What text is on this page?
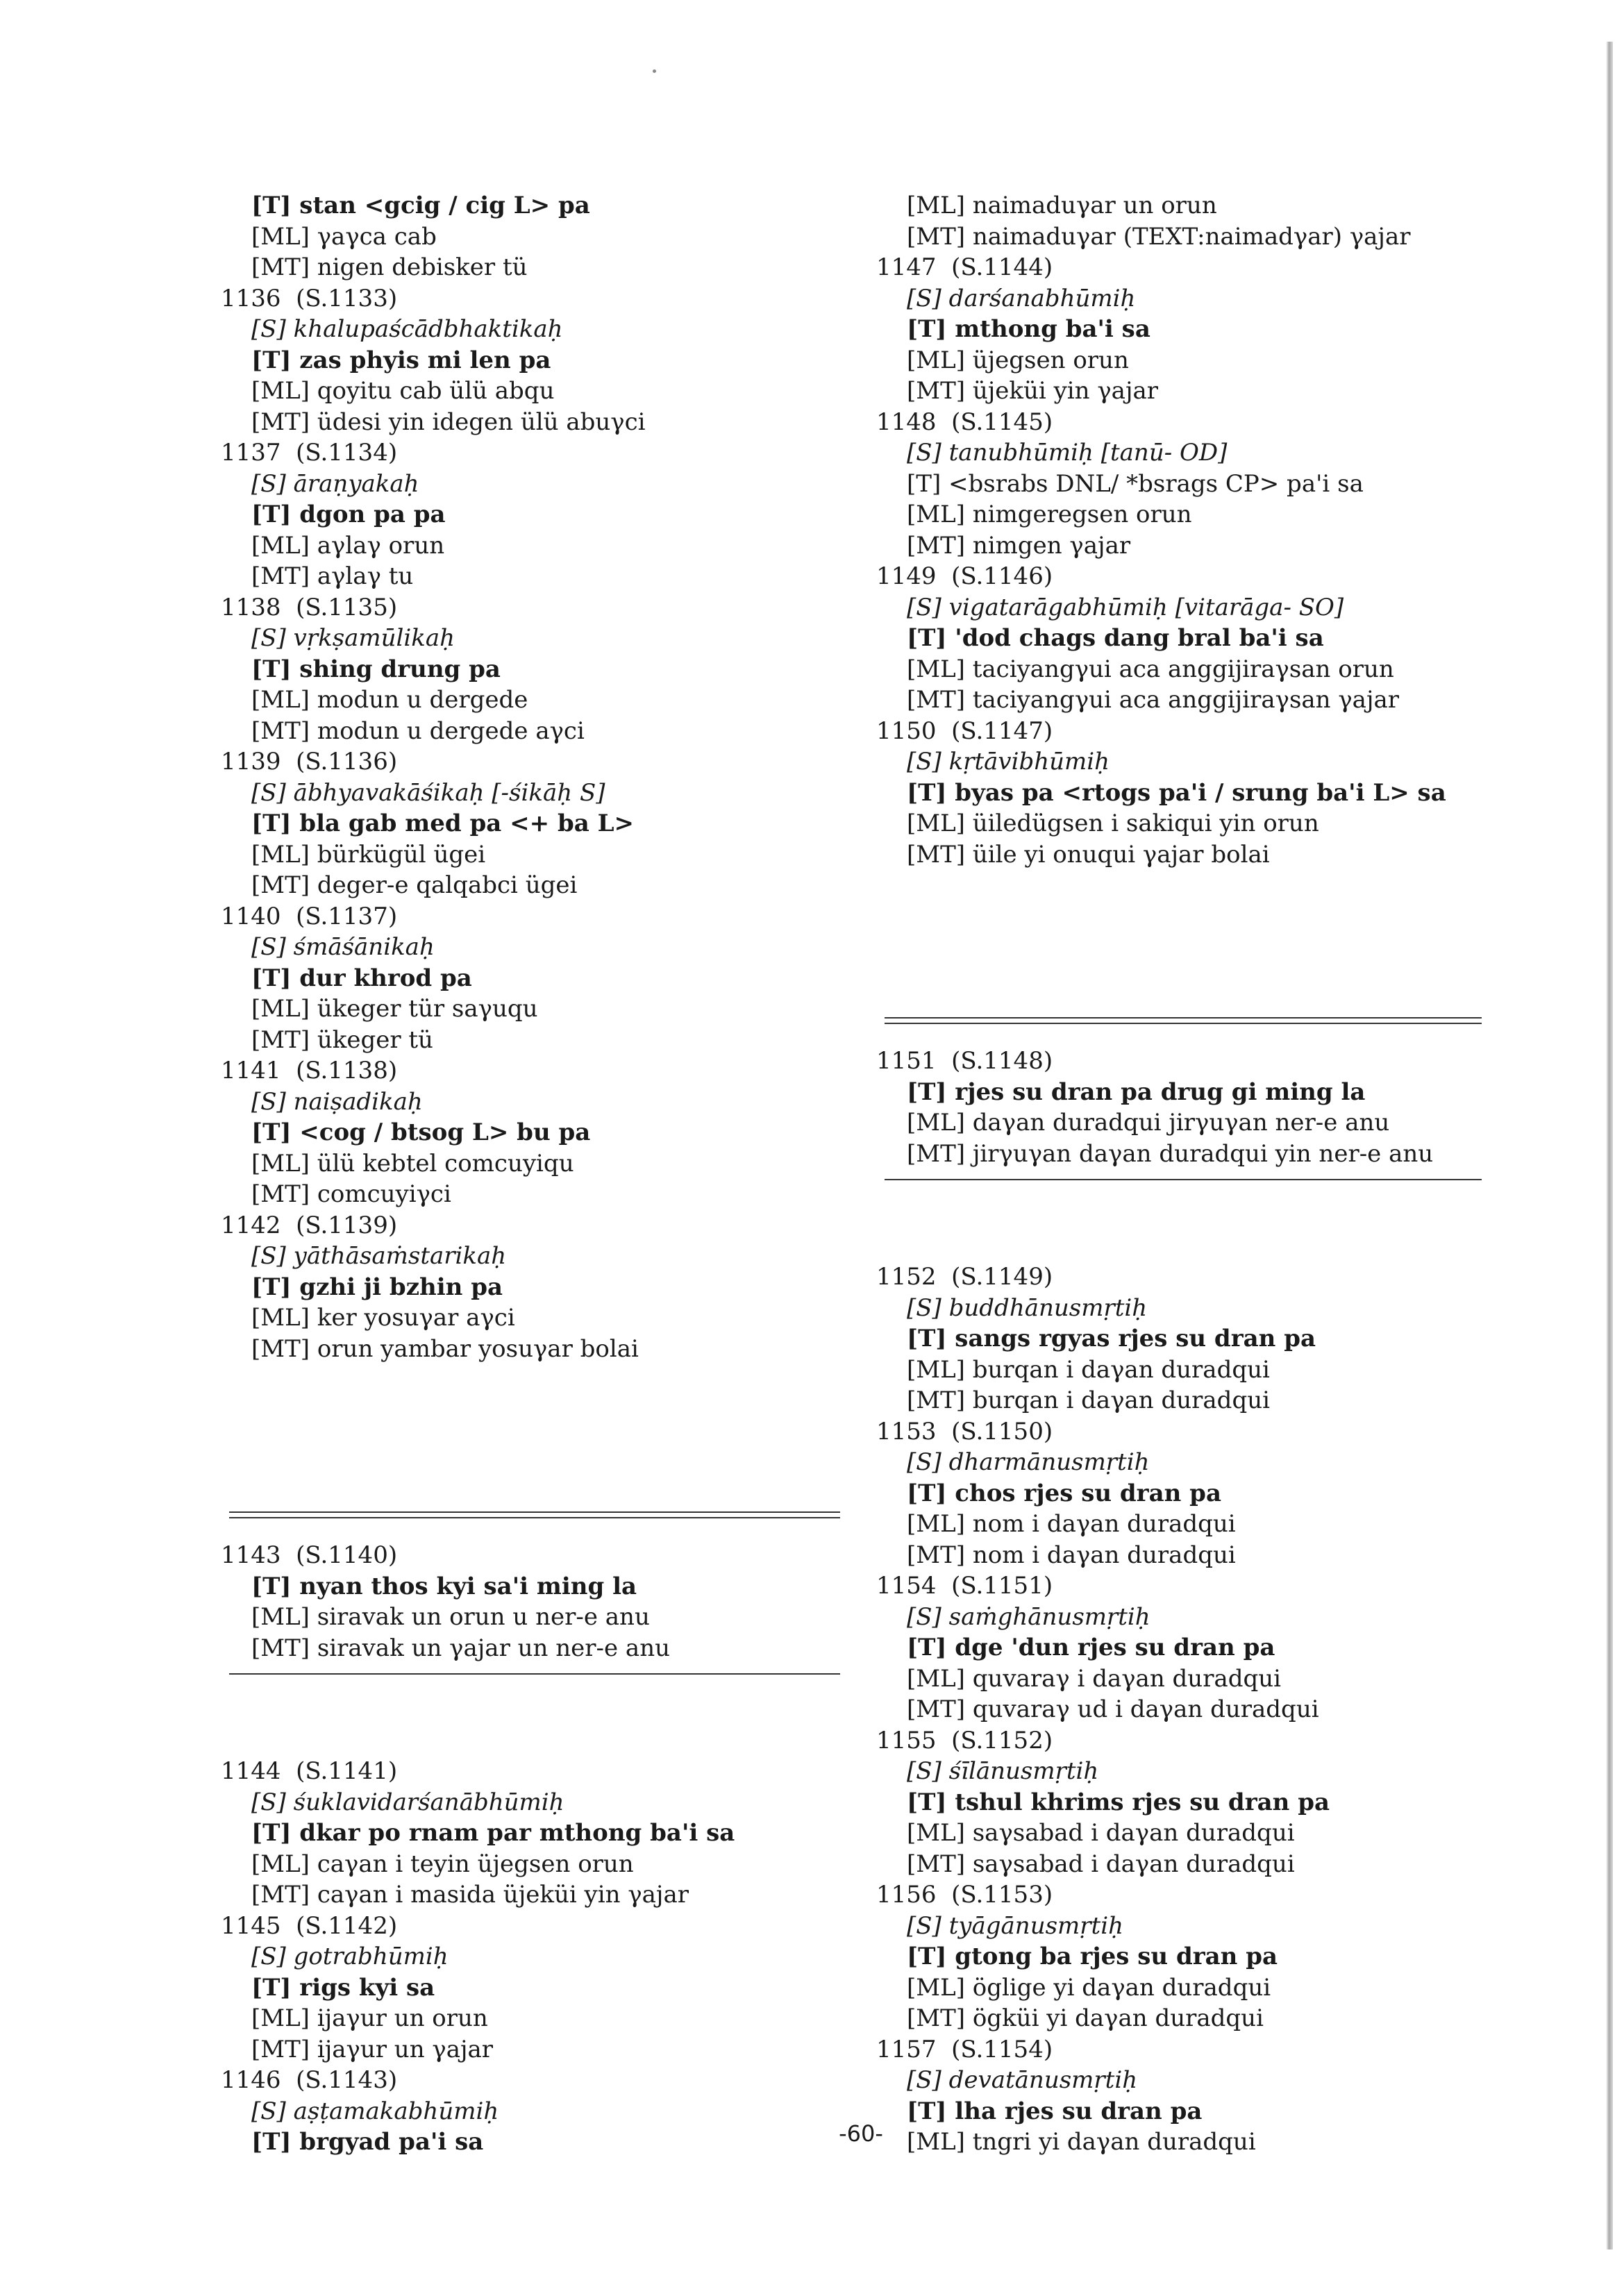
[T] stan <gcig / cig L> pa
[ML] γaγca cab
[MT] nigen debisker tü
1136  (S.1133)
[S] khalupaścādbhaktikaḥ
[T] zas phyis mi len pa
[ML] qoyitu cab ülü abqu
[MT] üdesi yin idegen ülü abuγci
1137  (S.1134)
[S] āraṇyakaḥ
[T] dgon pa pa
[ML] aγlaγ orun
[MT] aγlaγ tu
1138  (S.1135)
[S] vṛkṣamūlikaḥ
[T] shing drung pa
[ML] modun u dergede
[MT] modun u dergede aγci
1139  (S.1136)
[S] ābhyavakāśikaḥ [-śikāḥ S]
[T] bla gab med pa <+ ba L>
[ML] bürkügül ügei
[MT] deger-e qalqabci ügei
1140  (S.1137)
[S] śmāśānikaḥ
[T] dur khrod pa
[ML] ükeger tür saγuqu
[MT] ükeger tü
1141  (S.1138)
[S] naiṣadikaḥ
[T] <cog / btsog L> bu pa
[ML] ülü kebtel comcuyiqu
[MT] comcuyiγci
1142  (S.1139)
[S] yāthāsaṁstarikaḥ
[T] gzhi ji bzhin pa
[ML] ker yosuγar aγci
[MT] orun yambar yosuγar bolai
1143  (S.1140)
[T] nyan thos kyi sa'i ming la
[ML] siravak un orun u ner-e anu
[MT] siravak un γajar un ner-e anu
1144  (S.1141)
[S] śuklavidarśanābhūmiḥ
[T] dkar po rnam par mthong ba'i sa
[ML] caγan i teyin üjegsen orun
[MT] caγan i masida üjeküi yin γajar
1145  (S.1142)
[S] gotrabhūmiḥ
[T] rigs kyi sa
[ML] ijaγur un orun
[MT] ijaγur un γajar
1146  (S.1143)
[S] aṣṭamakabhūmiḥ
[T] brgyad pa'i sa
[ML] naimaduγar un orun
[MT] naimaduγar (TEXT:naimadγar) γajar
1147  (S.1144)
[S] darśanabhūmiḥ
[T] mthong ba'i sa
[ML] üjegsen orun
[MT] üjeküi yin γajar
1148  (S.1145)
[S] tanubhūmiḥ [tanū- OD]
[T] <bsrabs DNL/ *bsrags CP> pa'i sa
[ML] nimgeregsen orun
[MT] nimgen γajar
1149  (S.1146)
[S] vigatarāgabhūmiḥ [vitarāga- SO]
[T] 'dod chags dang bral ba'i sa
[ML] taciyangγui aca anggijiraγsan orun
[MT] taciyangγui aca anggijiraγsan γajar
1150  (S.1147)
[S] kṛtāvibhūmiḥ
[T] byas pa <rtogs pa'i / srung ba'i L> sa
[ML] üiledügsen i sakiqui yin orun
[MT] üile yi onuqui γajar bolai
1151  (S.1148)
[T] rjes su dran pa drug gi ming la
[ML] daγan duradqui jirγuγan ner-e anu
[MT] jirγuγan daγan duradqui yin ner-e anu
1152  (S.1149)
[S] buddhānusmṛtiḥ
[T] sangs rgyas rjes su dran pa
[ML] burqan i daγan duradqui
[MT] burqan i daγan duradqui
1153  (S.1150)
[S] dharmānusmṛtiḥ
[T] chos rjes su dran pa
[ML] nom i daγan duradqui
[MT] nom i daγan duradqui
1154  (S.1151)
[S] saṁghānusmṛtiḥ
[T] dge 'dun rjes su dran pa
[ML] quvaraγ i daγan duradqui
[MT] quvaraγ ud i daγan duradqui
1155  (S.1152)
[S] śīlānusmṛtiḥ
[T] tshul khrims rjes su dran pa
[ML] saγsabad i daγan duradqui
[MT] saγsabad i daγan duradqui
1156  (S.1153)
[S] tyāgānusmṛtiḥ
[T] gtong ba rjes su dran pa
[ML] öglige yi daγan duradqui
[MT] ögküi yi daγan duradqui
1157  (S.1154)
[S] devatānusmṛtiḥ
[T] lha rjes su dran pa
[ML] tngri yi daγan duradqui
-60-
